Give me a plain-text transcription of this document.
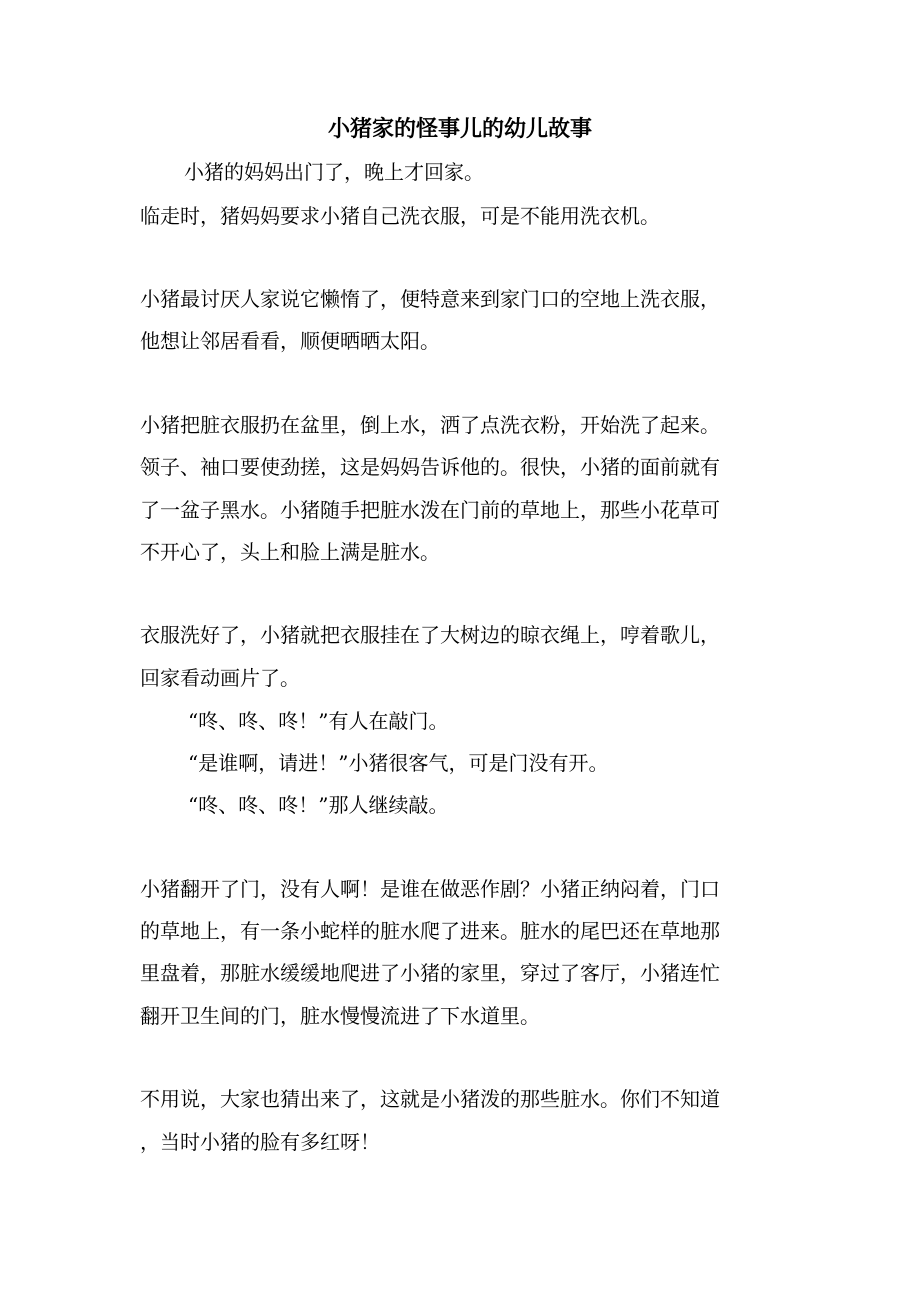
小猪家的怪事儿的幼儿故事
小猪的妈妈出门了，晚上才回家。
临走时，猪妈妈要求小猪自己洗衣服，可是不能用洗衣机。
小猪最讨厌人家说它懒惰了，便特意来到家门口的空地上洗衣服，
他想让邻居看看，顺便晒晒太阳。
小猪把脏衣服扔在盆里，倒上水，洒了点洗衣粉，开始洗了起来。
领子、袖口要使劲搓，这是妈妈告诉他的。很快，小猪的面前就有
了一盆子黑水。小猪随手把脏水泼在门前的草地上，那些小花草可
不开心了，头上和脸上满是脏水。
衣服洗好了，小猪就把衣服挂在了大树边的晾衣绳上，哼着歌儿，
回家看动画片了。
“咚、咚、咚！”有人在敲门。
“是谁啊，请进！”小猪很客气，可是门没有开。
“咚、咚、咚！”那人继续敲。
小猪翻开了门，没有人啊！是谁在做恶作剧？小猪正纳闷着，门口
的草地上，有一条小蛇样的脏水爬了进来。脏水的尾巴还在草地那
里盘着，那脏水缓缓地爬进了小猪的家里，穿过了客厅，小猪连忙
翻开卫生间的门，脏水慢慢流进了下水道里。
不用说，大家也猜出来了，这就是小猪泼的那些脏水。你们不知道
，当时小猪的脸有多红呀！
